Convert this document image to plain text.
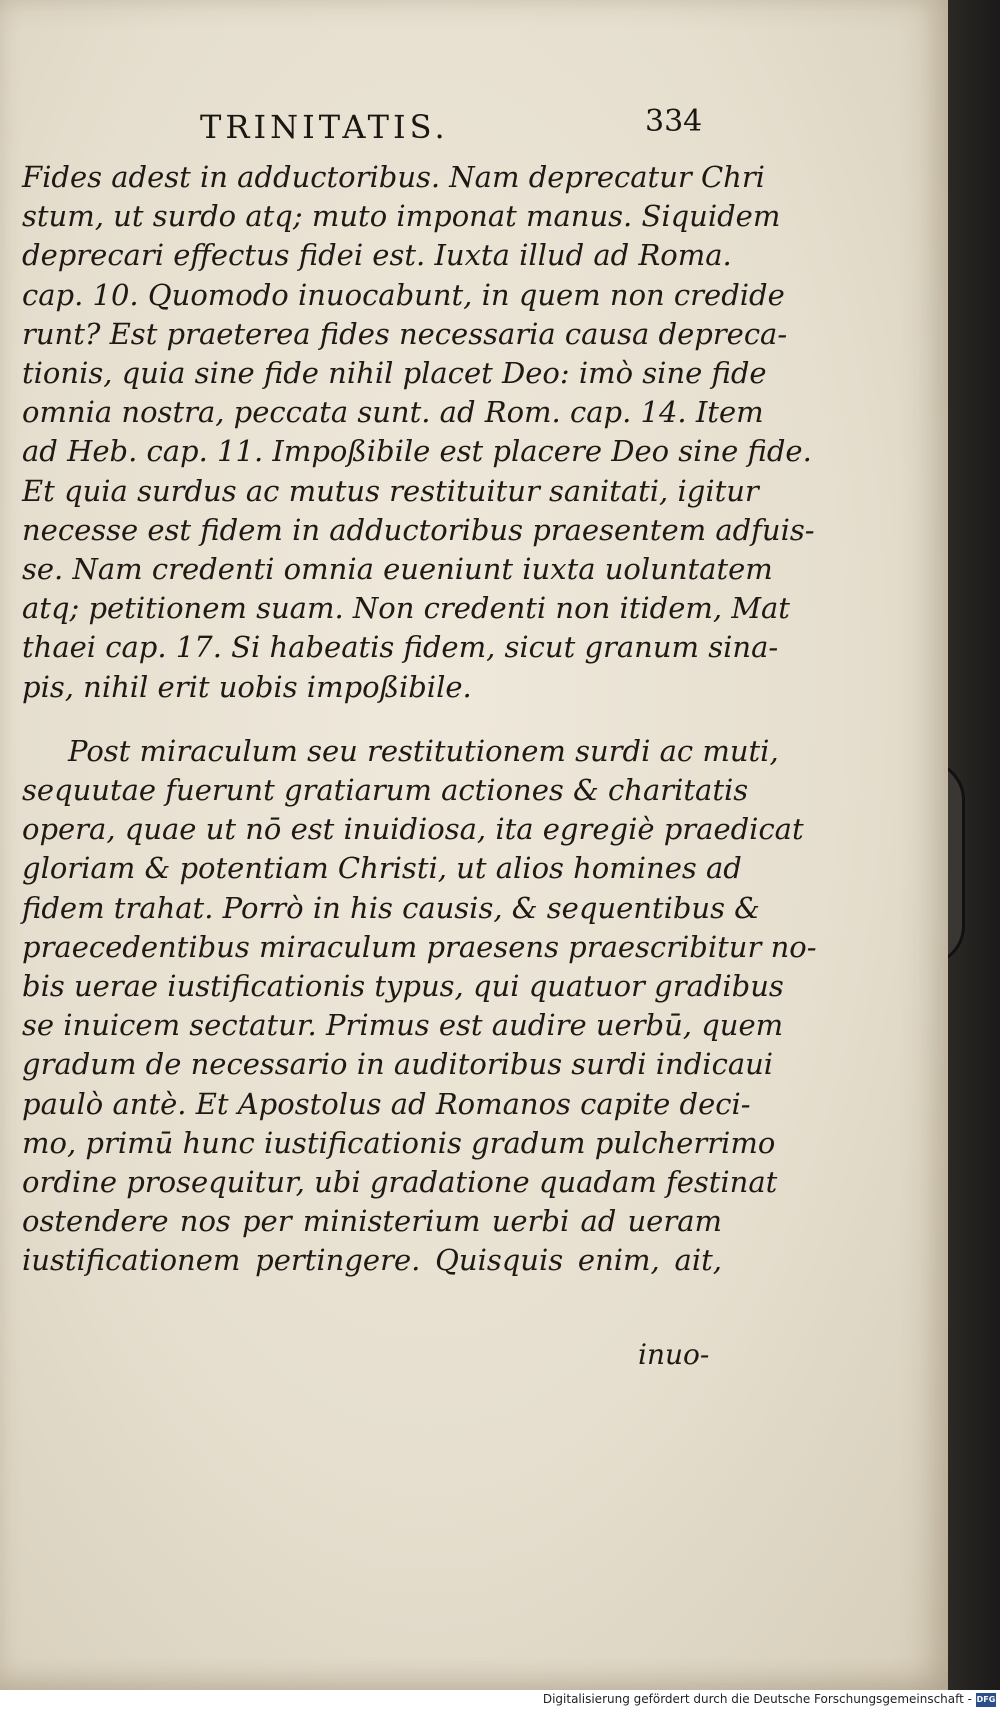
TRINITATIS.	334
Fides adest in adductoribus. Nam deprecatur Chri
stum, ut surdo atq; muto imponat manus. Siquidem
deprecari effectus fidei est. Iuxta illud ad Roma.
cap. 10. Quomodo inuocabunt, in quem non credide
runt? Est praeterea fides necessaria causa depreca-
tionis, quia sine fide nihil placet Deo: imò sine fide
omnia nostra, peccata sunt. ad Rom. cap. 14. Item
ad Heb. cap. 11. Impoßibile est placere Deo sine fide.
Et quia surdus ac mutus restituitur sanitati, igitur
necesse est fidem in adductoribus praesentem adfuis-
se. Nam credenti omnia eueniunt iuxta uoluntatem
atq; petitionem suam. Non credenti non itidem, Mat
thaei cap. 17. Si habeatis fidem, sicut granum sina-
pis, nihil erit uobis impoßibile.
Post miraculum seu restitutionem surdi ac muti,
sequutae fuerunt gratiarum actiones & charitatis
opera, quae ut nō est inuidiosa, ita egregiè praedicat
gloriam & potentiam Christi, ut alios homines ad
fidem trahat. Porrò in his causis, & sequentibus &
praecedentibus miraculum praesens praescribitur no-
bis uerae iustificationis typus, qui quatuor gradibus
se inuicem sectatur. Primus est audire uerbū, quem
gradum de necessario in auditoribus surdi indicaui
paulò antè. Et Apostolus ad Romanos capite deci-
mo, primū hunc iustificationis gradum pulcherrimo
ordine prosequitur, ubi gradatione quadam festinat
ostendere nos per ministerium uerbi ad ueram
iustificationem pertingere. Quisquis enim, ait,
inuo-
Digitalisierung gefördert durch die Deutsche Forschungsgemeinschaft - DFG
